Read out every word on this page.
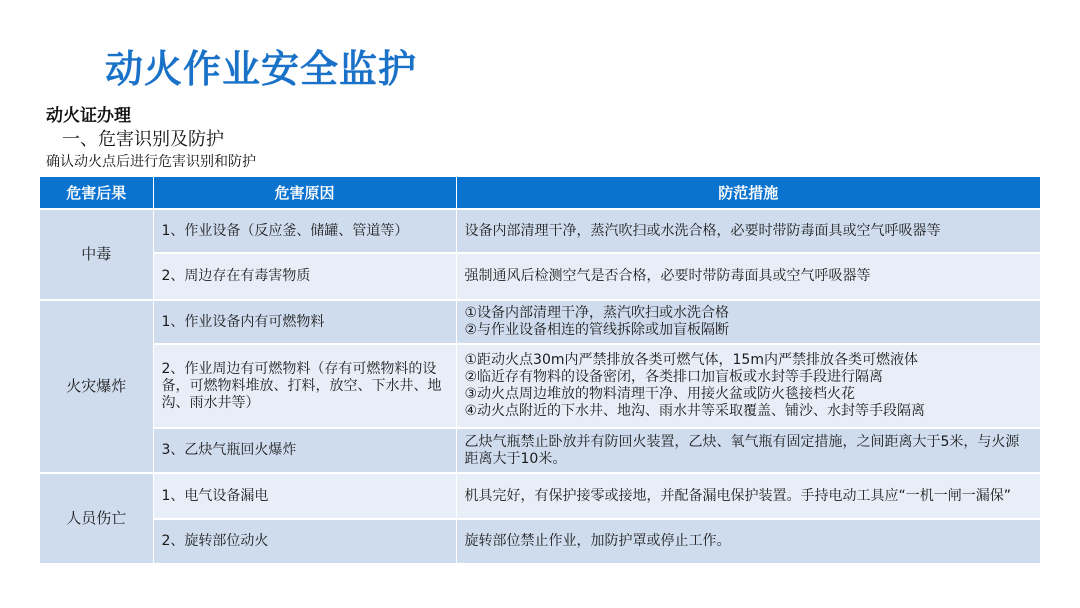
动火作业安全监护
动火证办理
一、危害识别及防护
确认动火点后进行危害识别和防护
危害后果	危害原因	防范措施
中毒	1、作业设备（反应釜、储罐、管道等）	设备内部清理干净，蒸汽吹扫或水洗合格，必要时带防毒面具或空气呼吸器等

	2、周边存在有毒害物质	强制通风后检测空气是否合格，必要时带防毒面具或空气呼吸器等

火灾爆炸	1、作业设备内有可燃物料	①设备内部清理干净，蒸汽吹扫或水洗合格
②与作业设备相连的管线拆除或加盲板隔断

	2、作业周边有可燃物料（存有可燃物料的设备，可燃物料堆放、打料，放空、下水井、地沟、雨水井等）	①距动火点30m内严禁排放各类可燃气体，15m内严禁排放各类可燃液体
②临近存有物料的设备密闭，各类排口加盲板或水封等手段进行隔离
③动火点周边堆放的物料清理干净、用接火盆或防火毯接档火花
④动火点附近的下水井、地沟、雨水井等采取覆盖、铺沙、水封等手段隔离

	3、乙炔气瓶回火爆炸	乙炔气瓶禁止卧放并有防回火装置，乙炔、氧气瓶有固定措施，之间距离大于5米，与火源距离大于10米。

人员伤亡	1、电气设备漏电	机具完好，有保护接零或接地，并配备漏电保护装置。手持电动工具应“一机一闸一漏保”

	2、旋转部位动火	旋转部位禁止作业，加防护罩或停止工作。
